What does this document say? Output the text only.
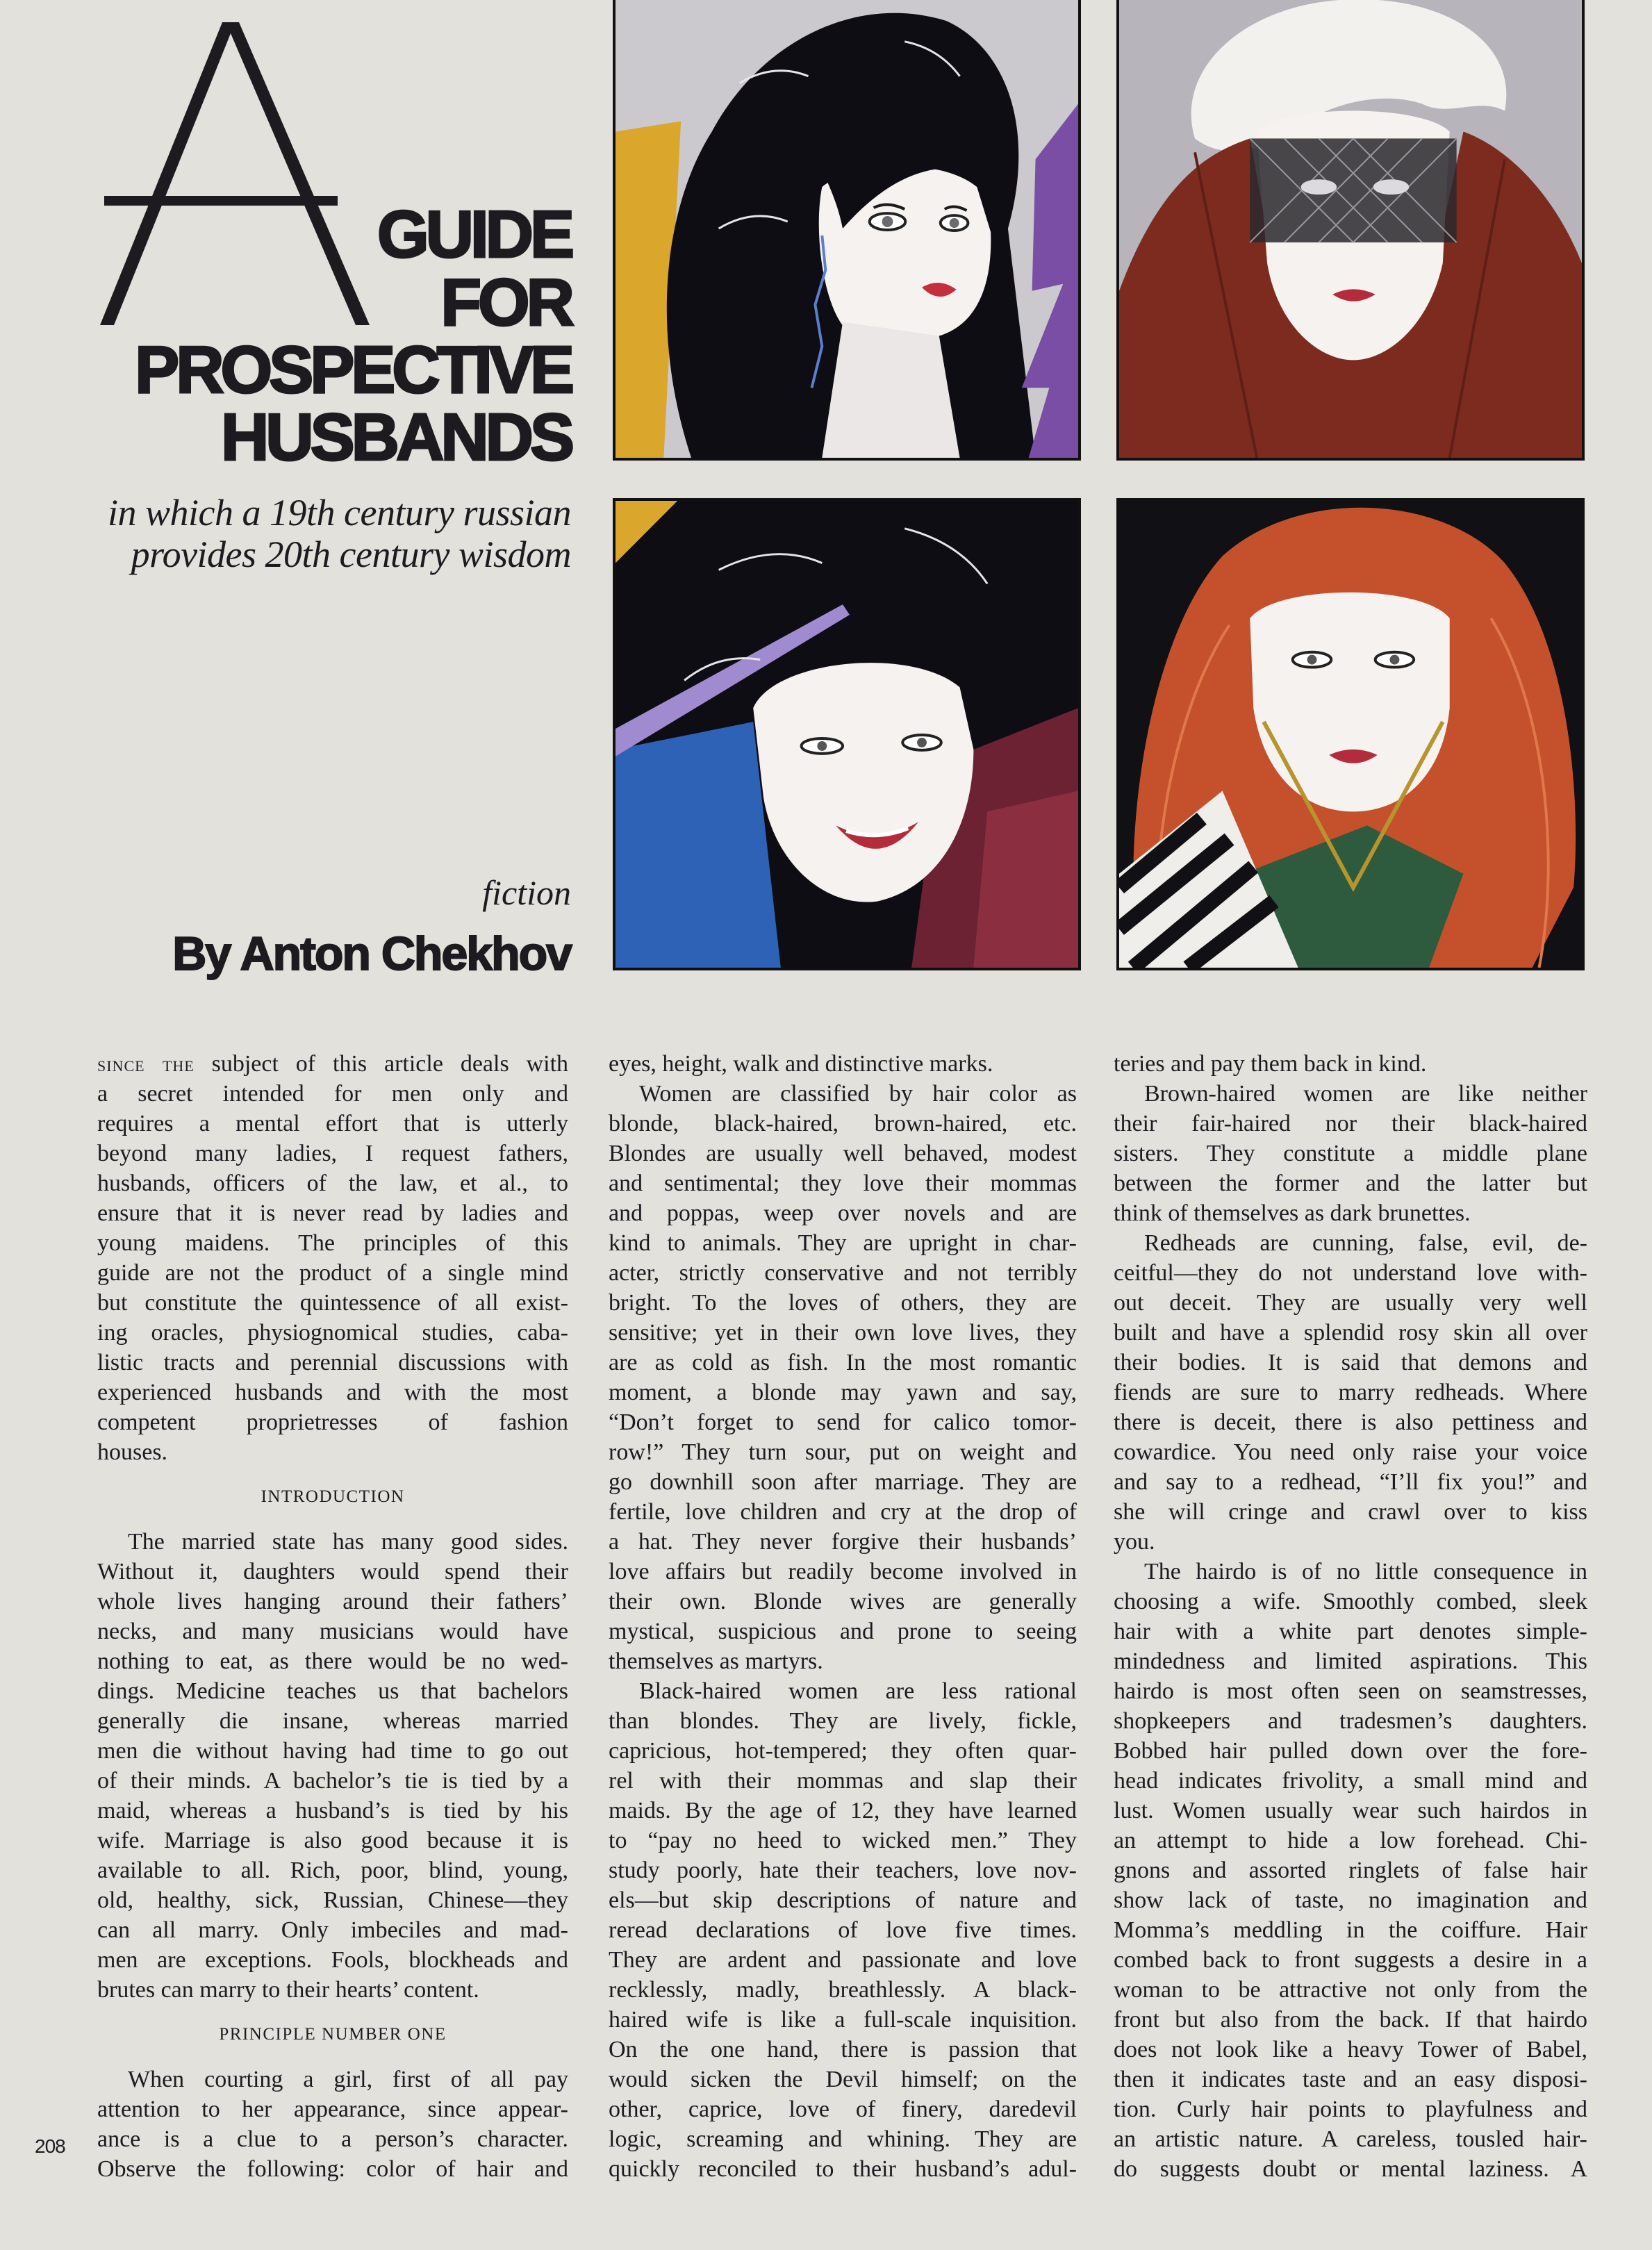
GUIDE
FOR
PROSPECTIVE
HUSBANDS
in which a 19th century russian
provides 20th century wisdom
fiction
By Anton Chekhov
since the subject of this article deals with
a secret intended for men only and
requires a mental effort that is utterly
beyond many ladies, I request fathers,
husbands, officers of the law, et al., to
ensure that it is never read by ladies and
young maidens. The principles of this
guide are not the product of a single mind
but constitute the quintessence of all exist-
ing oracles, physiognomical studies, caba-
listic tracts and perennial discussions with
experienced husbands and with the most
competent proprietresses of fashion
houses.
INTRODUCTION
The married state has many good sides.
Without it, daughters would spend their
whole lives hanging around their fathers’
necks, and many musicians would have
nothing to eat, as there would be no wed-
dings. Medicine teaches us that bachelors
generally die insane, whereas married
men die without having had time to go out
of their minds. A bachelor’s tie is tied by a
maid, whereas a husband’s is tied by his
wife. Marriage is also good because it is
available to all. Rich, poor, blind, young,
old, healthy, sick, Russian, Chinese—they
can all marry. Only imbeciles and mad-
men are exceptions. Fools, blockheads and
brutes can marry to their hearts’ content.
PRINCIPLE NUMBER ONE
When courting a girl, first of all pay
attention to her appearance, since appear-
ance is a clue to a person’s character.
Observe the following: color of hair and
eyes, height, walk and distinctive marks.
Women are classified by hair color as
blonde, black-haired, brown-haired, etc.
Blondes are usually well behaved, modest
and sentimental; they love their mommas
and poppas, weep over novels and are
kind to animals. They are upright in char-
acter, strictly conservative and not terribly
bright. To the loves of others, they are
sensitive; yet in their own love lives, they
are as cold as fish. In the most romantic
moment, a blonde may yawn and say,
“Don’t forget to send for calico tomor-
row!” They turn sour, put on weight and
go downhill soon after marriage. They are
fertile, love children and cry at the drop of
a hat. They never forgive their husbands’
love affairs but readily become involved in
their own. Blonde wives are generally
mystical, suspicious and prone to seeing
themselves as martyrs.
Black-haired women are less rational
than blondes. They are lively, fickle,
capricious, hot-tempered; they often quar-
rel with their mommas and slap their
maids. By the age of 12, they have learned
to “pay no heed to wicked men.” They
study poorly, hate their teachers, love nov-
els—but skip descriptions of nature and
reread declarations of love five times.
They are ardent and passionate and love
recklessly, madly, breathlessly. A black-
haired wife is like a full-scale inquisition.
On the one hand, there is passion that
would sicken the Devil himself; on the
other, caprice, love of finery, daredevil
logic, screaming and whining. They are
quickly reconciled to their husband’s adul-
teries and pay them back in kind.
Brown-haired women are like neither
their fair-haired nor their black-haired
sisters. They constitute a middle plane
between the former and the latter but
think of themselves as dark brunettes.
Redheads are cunning, false, evil, de-
ceitful—they do not understand love with-
out deceit. They are usually very well
built and have a splendid rosy skin all over
their bodies. It is said that demons and
fiends are sure to marry redheads. Where
there is deceit, there is also pettiness and
cowardice. You need only raise your voice
and say to a redhead, “I’ll fix you!” and
she will cringe and crawl over to kiss
you.
The hairdo is of no little consequence in
choosing a wife. Smoothly combed, sleek
hair with a white part denotes simple-
mindedness and limited aspirations. This
hairdo is most often seen on seamstresses,
shopkeepers and tradesmen’s daughters.
Bobbed hair pulled down over the fore-
head indicates frivolity, a small mind and
lust. Women usually wear such hairdos in
an attempt to hide a low forehead. Chi-
gnons and assorted ringlets of false hair
show lack of taste, no imagination and
Momma’s meddling in the coiffure. Hair
combed back to front suggests a desire in a
woman to be attractive not only from the
front but also from the back. If that hairdo
does not look like a heavy Tower of Babel,
then it indicates taste and an easy disposi-
tion. Curly hair points to playfulness and
an artistic nature. A careless, tousled hair-
do suggests doubt or mental laziness. A
208
